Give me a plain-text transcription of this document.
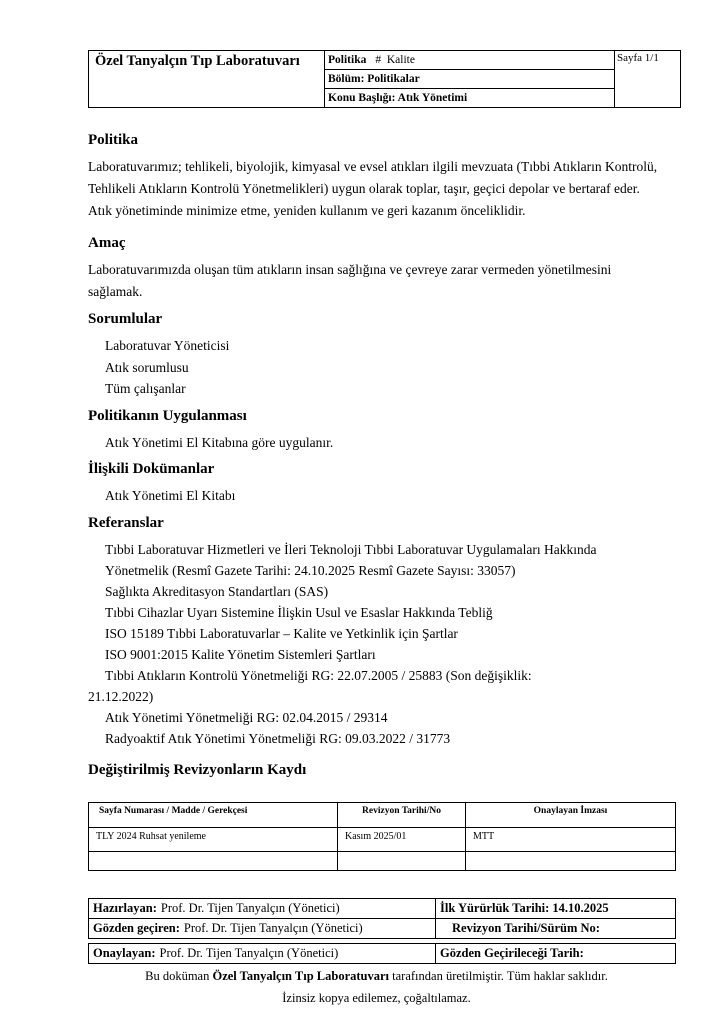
Özel Tanyalçın Tıp Laboratuvarı	Politika #  Kalite	Sayfa 1/1
Bölüm: Politikalar
Konu Başlığı: Atık Yönetimi
Politika

Laboratuvarımız; tehlikeli, biyolojik, kimyasal ve evsel atıkları ilgili mevzuata (Tıbbi Atıkların Kontrolü, Tehlikeli Atıkların Kontrolü Yönetmelikleri) uygun olarak toplar, taşır, geçici depolar ve bertaraf eder. Atık yönetiminde minimize etme, yeniden kullanım ve geri kazanım önceliklidir.

Amaç

Laboratuvarımızda oluşan tüm atıkların insan sağlığına ve çevreye zarar vermeden yönetilmesini sağlamak.

Sorumlular
Laboratuvar Yöneticisi
Atık sorumlusu
Tüm çalışanlar
Politikanın Uygulanması
Atık Yönetimi El Kitabına göre uygulanır.
İlişkili Dokümanlar
Atık Yönetimi El Kitabı
Referanslar
Tıbbi Laboratuvar Hizmetleri ve İleri Teknoloji Tıbbi Laboratuvar Uygulamaları Hakkında
Yönetmelik (Resmî Gazete Tarihi: 24.10.2025 Resmî Gazete Sayısı: 33057)
Sağlıkta Akreditasyon Standartları (SAS)
Tıbbi Cihazlar Uyarı Sistemine İlişkin Usul ve Esaslar Hakkında Tebliğ
ISO 15189 Tıbbi Laboratuvarlar – Kalite ve Yetkinlik için Şartlar
ISO 9001:2015 Kalite Yönetim Sistemleri Şartları
Tıbbi Atıkların Kontrolü Yönetmeliği RG: 22.07.2005 / 25883 (Son değişiklik:
21.12.2022)
Atık Yönetimi Yönetmeliği RG: 02.04.2015 / 29314
Radyoaktif Atık Yönetimi Yönetmeliği RG: 09.03.2022 / 31773
Değiştirilmiş Revizyonların Kaydı
Sayfa Numarası / Madde / Gerekçesi	Revizyon Tarihi/No	Onaylayan İmzası
TLY 2024 Ruhsat yenileme	Kasım 2025/01	MTT

Hazırlayan: Prof. Dr. Tijen Tanyalçın (Yönetici)	İlk Yürürlük Tarihi: 14.10.2025
Gözden geçiren: Prof. Dr. Tijen Tanyalçın (Yönetici)	Revizyon Tarihi/Sürüm No:
Onaylayan: Prof. Dr. Tijen Tanyalçın (Yönetici)	Gözden Geçirileceği Tarih:
Bu doküman Özel Tanyalçın Tıp Laboratuvarı tarafından üretilmiştir. Tüm haklar saklıdır.
İzinsiz kopya edilemez, çoğaltılamaz.
